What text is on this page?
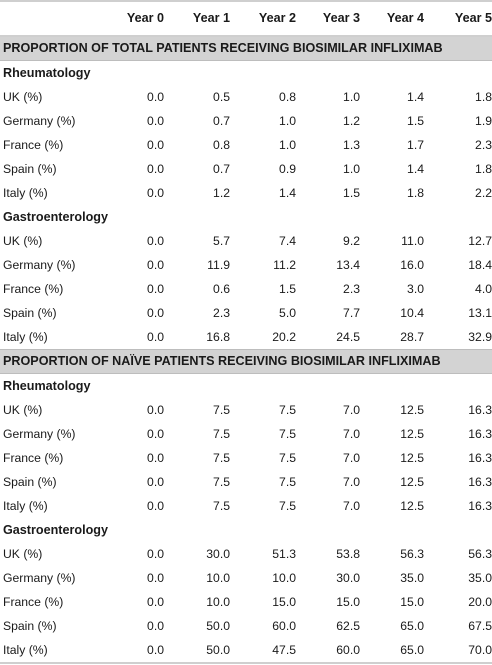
	Year 0	Year 1	Year 2	Year 3	Year 4	Year 5
PROPORTION OF TOTAL PATIENTS RECEIVING BIOSIMILAR INFLIXIMAB						
Rheumatology						
UK (%)	0.0	0.5	0.8	1.0	1.4	1.8
Germany (%)	0.0	0.7	1.0	1.2	1.5	1.9
France (%)	0.0	0.8	1.0	1.3	1.7	2.3
Spain (%)	0.0	0.7	0.9	1.0	1.4	1.8
Italy (%)	0.0	1.2	1.4	1.5	1.8	2.2
Gastroenterology						
UK (%)	0.0	5.7	7.4	9.2	11.0	12.7
Germany (%)	0.0	11.9	11.2	13.4	16.0	18.4
France (%)	0.0	0.6	1.5	2.3	3.0	4.0
Spain (%)	0.0	2.3	5.0	7.7	10.4	13.1
Italy (%)	0.0	16.8	20.2	24.5	28.7	32.9
PROPORTION OF NAÏVE PATIENTS RECEIVING BIOSIMILAR INFLIXIMAB						
Rheumatology						
UK (%)	0.0	7.5	7.5	7.0	12.5	16.3
Germany (%)	0.0	7.5	7.5	7.0	12.5	16.3
France (%)	0.0	7.5	7.5	7.0	12.5	16.3
Spain (%)	0.0	7.5	7.5	7.0	12.5	16.3
Italy (%)	0.0	7.5	7.5	7.0	12.5	16.3
Gastroenterology						
UK (%)	0.0	30.0	51.3	53.8	56.3	56.3
Germany (%)	0.0	10.0	10.0	30.0	35.0	35.0
France (%)	0.0	10.0	15.0	15.0	15.0	20.0
Spain (%)	0.0	50.0	60.0	62.5	65.0	67.5
Italy (%)	0.0	50.0	47.5	60.0	65.0	70.0
